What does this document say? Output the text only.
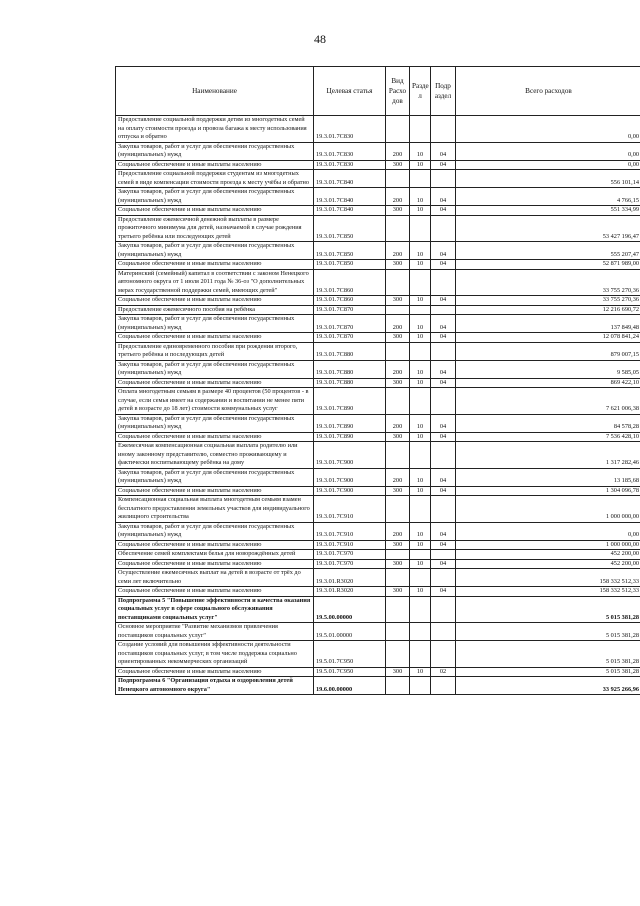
48
Наименование	Целевая статья	Вид Расхо дов	Разде л	Подр аздел	Всего расходов
Предоставление социальной поддержки детям из многодетных семей на оплату стоимости проезда и провоза багажа к месту использования отпуска и обратно	19.3.01.7C830				0,00
Закупка товаров, работ и услуг для обеспечения государственных (муниципальных) нужд	19.3.01.7C830	200	10	04	0,00
Социальное обеспечение и иные выплаты населению	19.3.01.7C830	300	10	04	0,00
Предоставление социальной поддержки студентам из многодетных семей в виде компенсации стоимости проезда к месту учёбы и обратно	19.3.01.7C840				556 101,14
Закупка товаров, работ и услуг для обеспечения государственных (муниципальных) нужд	19.3.01.7C840	200	10	04	4 766,15
Социальное обеспечение и иные выплаты населению	19.3.01.7C840	300	10	04	551 334,99
Предоставление ежемесячной денежной выплаты в размере прожиточного минимума для детей, назначаемой в случае рождения третьего ребёнка или последующих детей	19.3.01.7C850				53 427 196,47
Закупка товаров, работ и услуг для обеспечения государственных (муниципальных) нужд	19.3.01.7C850	200	10	04	555 207,47
Социальное обеспечение и иные выплаты населению	19.3.01.7C850	300	10	04	52 871 989,00
Материнский (семейный) капитал в соответствии с законом Ненецкого автономного округа от 1 июля 2011 года № 36-оз "О дополнительных мерах государственной поддержки семей, имеющих детей"	19.3.01.7C860				33 755 270,36
Социальное обеспечение и иные выплаты населению	19.3.01.7C860	300	10	04	33 755 270,36
Предоставление ежемесячного пособия на ребёнка	19.3.01.7C870				12 216 690,72
Закупка товаров, работ и услуг для обеспечения государственных (муниципальных) нужд	19.3.01.7C870	200	10	04	137 849,48
Социальное обеспечение и иные выплаты населению	19.3.01.7C870	300	10	04	12 078 841,24
Предоставление единовременного пособия при рождении второго, третьего ребёнка и последующих детей	19.3.01.7C880				879 007,15
Закупка товаров, работ и услуг для обеспечения государственных (муниципальных) нужд	19.3.01.7C880	200	10	04	9 585,05
Социальное обеспечение и иные выплаты населению	19.3.01.7C880	300	10	04	869 422,10
Оплата многодетным семьям в размере 40 процентов (50 процентов - в случае, если семья имеет на содержании и воспитании не менее пяти детей в возрасте до 18 лет) стоимости коммунальных услуг	19.3.01.7C890				7 621 006,38
Закупка товаров, работ и услуг для обеспечения государственных (муниципальных) нужд	19.3.01.7C890	200	10	04	84 578,28
Социальное обеспечение и иные выплаты населению	19.3.01.7C890	300	10	04	7 536 428,10
Ежемесячная компенсационная социальная выплата родителю или иному законному представителю, совместно проживающему и фактически воспитывающему ребёнка на дому	19.3.01.7C900				1 317 282,46
Закупка товаров, работ и услуг для обеспечения государственных (муниципальных) нужд	19.3.01.7C900	200	10	04	13 185,68
Социальное обеспечение и иные выплаты населению	19.3.01.7C900	300	10	04	1 304 096,78
Компенсационная социальная выплата многодетным семьям взамен бесплатного предоставления земельных участков для индивидуального жилищного строительства	19.3.01.7C910				1 000 000,00
Закупка товаров, работ и услуг для обеспечения государственных (муниципальных) нужд	19.3.01.7C910	200	10	04	0,00
Социальное обеспечение и иные выплаты населению	19.3.01.7C910	300	10	04	1 000 000,00
Обеспечение семей комплектами белья для новорождённых детей	19.3.01.7C970				452 200,00
Социальное обеспечение и иные выплаты населению	19.3.01.7C970	300	10	04	452 200,00
Осуществление ежемесячных выплат на детей в возрасте от трёх до семи лет включительно	19.3.01.R3020				158 332 512,33
Социальное обеспечение и иные выплаты населению	19.3.01.R3020	300	10	04	158 332 512,33
Подпрограмма 5 "Повышение эффективности и качества оказания социальных услуг в сфере социального обслуживания поставщиками социальных услуг"	19.5.00.00000				5 015 381,28
Основное мероприятие "Развитие механизмов привлечения поставщиков социальных услуг"	19.5.01.00000				5 015 381,28
Создание условий для повышения эффективности деятельности поставщиков социальных услуг, в том числе поддержка социально ориентированных некоммерческих организаций	19.5.01.7C950				5 015 381,28
Социальное обеспечение и иные выплаты населению	19.5.01.7C950	300	10	02	5 015 381,28
Подпрограмма 6 "Организация отдыха и оздоровления детей Ненецкого автономного округа"	19.6.00.00000				33 925 266,96
